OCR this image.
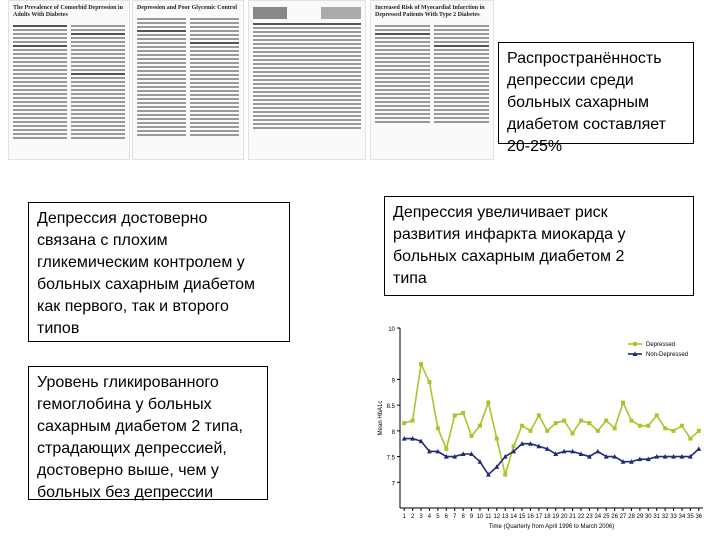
The Prevalence of Comorbid Depression in Adults With Diabetes
Depression and Poor Glycemic Control	Increased Risk of Myocardial Infarction in Depressed Patients With Type 2 Diabetes
Распространённость
депрессии среди
больных сахарным
диабетом составляет
20-25%
Депрессия достоверно
связана с плохим
гликемическим контролем у
больных сахарным диабетом
как первого, так и второго
типов
Уровень гликированного
гемоглобина у больных
сахарным диабетом 2 типа,
страдающих депрессией,
достоверно выше, чем у
больных без депрессии
Депрессия увеличивает риск
развития инфаркта миокарда у
больных сахарным диабетом 2
типа
7
7.5
8
8.5
9
10
1 2 3 4 5 6 7 8 9 10 11 12 13 14 15 16 17 18 19 20 21 22 23 24 25 26 27 28 29 30 31 32 33 34 35 36
Time (Quarterly from April 1996 to March 2006)
Mean HbA1c
Depressed
Non-Depressed
